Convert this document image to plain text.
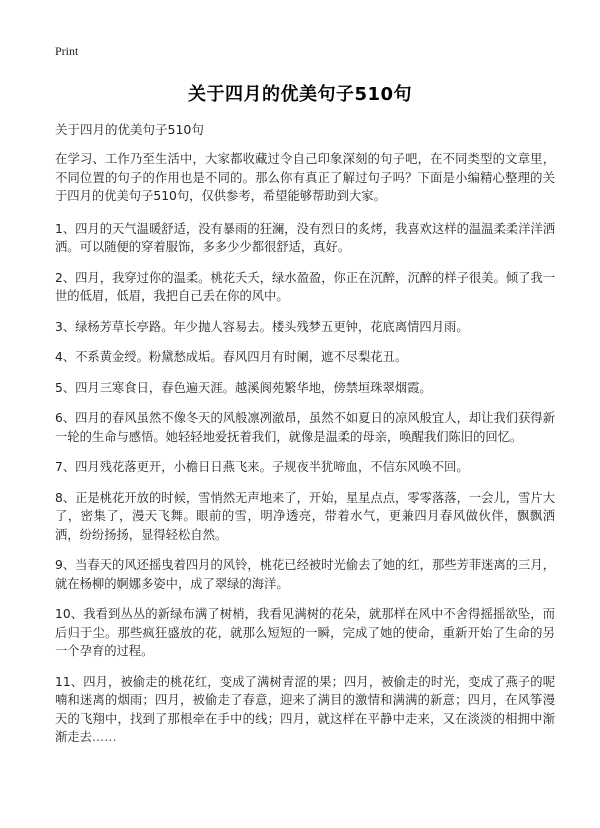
Print
关于四月的优美句子510句
关于四月的优美句子510句

在学习、工作乃至生活中，大家都收藏过令自己印象深刻的句子吧，在不同类型的文章里，不同位置的句子的作用也是不同的。那么你有真正了解过句子吗？下面是小编精心整理的关于四月的优美句子510句，仅供参考，希望能够帮助到大家。

1、四月的天气温暖舒适，没有暴雨的狂澜，没有烈日的炙烤，我喜欢这样的温温柔柔洋洋洒洒。可以随便的穿着服饰，多多少少都很舒适，真好。

2、四月，我穿过你的温柔。桃花夭夭，绿水盈盈，你正在沉醉，沉醉的样子很美。倾了我一世的低眉，低眉，我把自己丢在你的风中。

3、绿杨芳草长亭路。年少抛人容易去。楼头残梦五更钟，花底离情四月雨。

4、不系黄金绶。粉黛愁成垢。春风四月有时阑，遮不尽梨花丑。

5、四月三寒食日，春色遍天涯。越溪阆苑繁华地，傍禁垣珠翠烟霞。

6、四月的春风虽然不像冬天的风般凛冽澈昂，虽然不如夏日的凉风般宜人，却让我们获得新一轮的生命与感悟。她轻轻地爱抚着我们，就像是温柔的母亲，唤醒我们陈旧的回忆。

7、四月残花落更开，小檐日日燕飞来。子规夜半犹啼血，不信东风唤不回。

8、正是桃花开放的时候，雪悄然无声地来了，开始，星星点点，零零落落，一会儿，雪片大了，密集了，漫天飞舞。眼前的雪，明净透亮，带着水气，更兼四月春风做伙伴，飘飘洒洒，纷纷扬扬，显得轻松自然。

9、当春天的风还摇曳着四月的风铃，桃花已经被时光偷去了她的红，那些芳菲迷离的三月，就在杨柳的婀娜多姿中，成了翠绿的海洋。

10、我看到丛丛的新绿布满了树梢，我看见满树的花朵，就那样在风中不舍得摇摇欲坠，而后归于尘。那些疯狂盛放的花，就那么短短的一瞬，完成了她的使命，重新开始了生命的另一个孕育的过程。

11、四月，被偷走的桃花红，变成了满树青涩的果；四月，被偷走的时光，变成了燕子的呢喃和迷离的烟雨；四月，被偷走了春意，迎来了满目的激情和满满的新意；四月，在风筝漫天的飞翔中，找到了那根牵在手中的线；四月，就这样在平静中走来，又在淡淡的相拥中渐渐走去……
